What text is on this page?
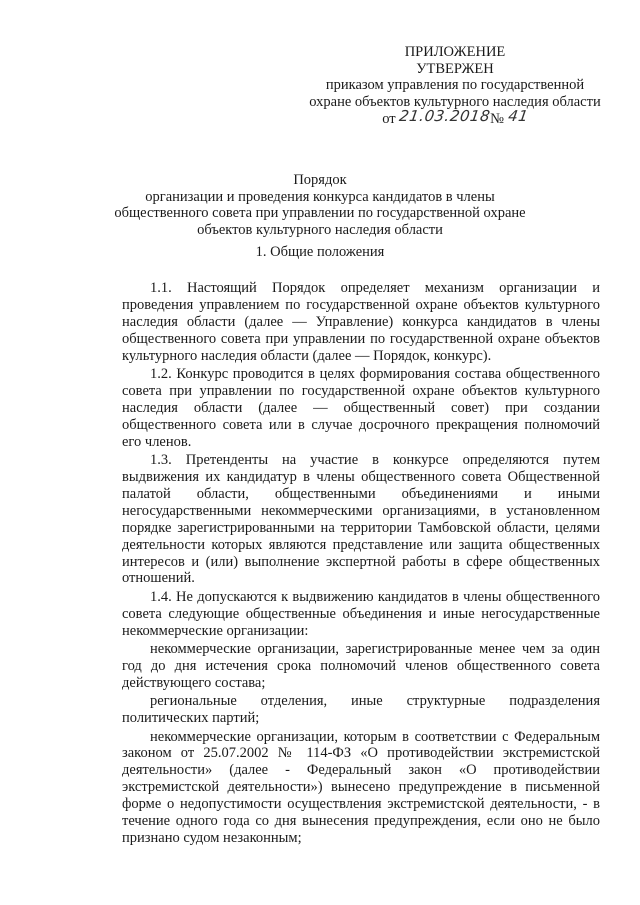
ПРИЛОЖЕНИЕ
УТВЕРЖЕН
приказом управления по государственной
охране объектов культурного наследия области
от 21.03.2018№ 41
Порядок
организации и проведения конкурса кандидатов в члены общественного совета при управлении по государственной охране объектов культурного наследия области
1. Общие положения

1.1. Настоящий Порядок определяет механизм организации и проведения управлением по государственной охране объектов культурного наследия области (далее — Управление) конкурса кандидатов в члены общественного совета при управлении по государственной охране объектов культурного наследия области (далее — Порядок, конкурс).

1.2. Конкурс проводится в целях формирования состава общественного совета при управлении по государственной охране объектов культурного наследия области (далее — общественный совет) при создании общественного совета или в случае досрочного прекращения полномочий его членов.

1.3. Претенденты на участие в конкурсе определяются путем выдвижения их кандидатур в члены общественного совета Общественной палатой области, общественными объединениями и иными негосударственными некоммерческими организациями, в установленном порядке зарегистрированными на территории Тамбовской области, целями деятельности которых являются представление или защита общественных интересов и (или) выполнение экспертной работы в сфере общественных отношений.

1.4. Не допускаются к выдвижению кандидатов в члены общественного совета следующие общественные объединения и иные негосударственные некоммерческие организации:

некоммерческие организации, зарегистрированные менее чем за один год до дня истечения срока полномочий членов общественного совета действующего состава;

региональные отделения, иные структурные подразделения политических партий;

некоммерческие организации, которым в соответствии с Федеральным законом от 25.07.2002 № 114-ФЗ «О противодействии экстремистской деятельности» (далее - Федеральный закон «О противодействии экстремистской деятельности») вынесено предупреждение в письменной форме о недопустимости осуществления экстремистской деятельности, - в течение одного года со дня вынесения предупреждения, если оно не было признано судом незаконным;
